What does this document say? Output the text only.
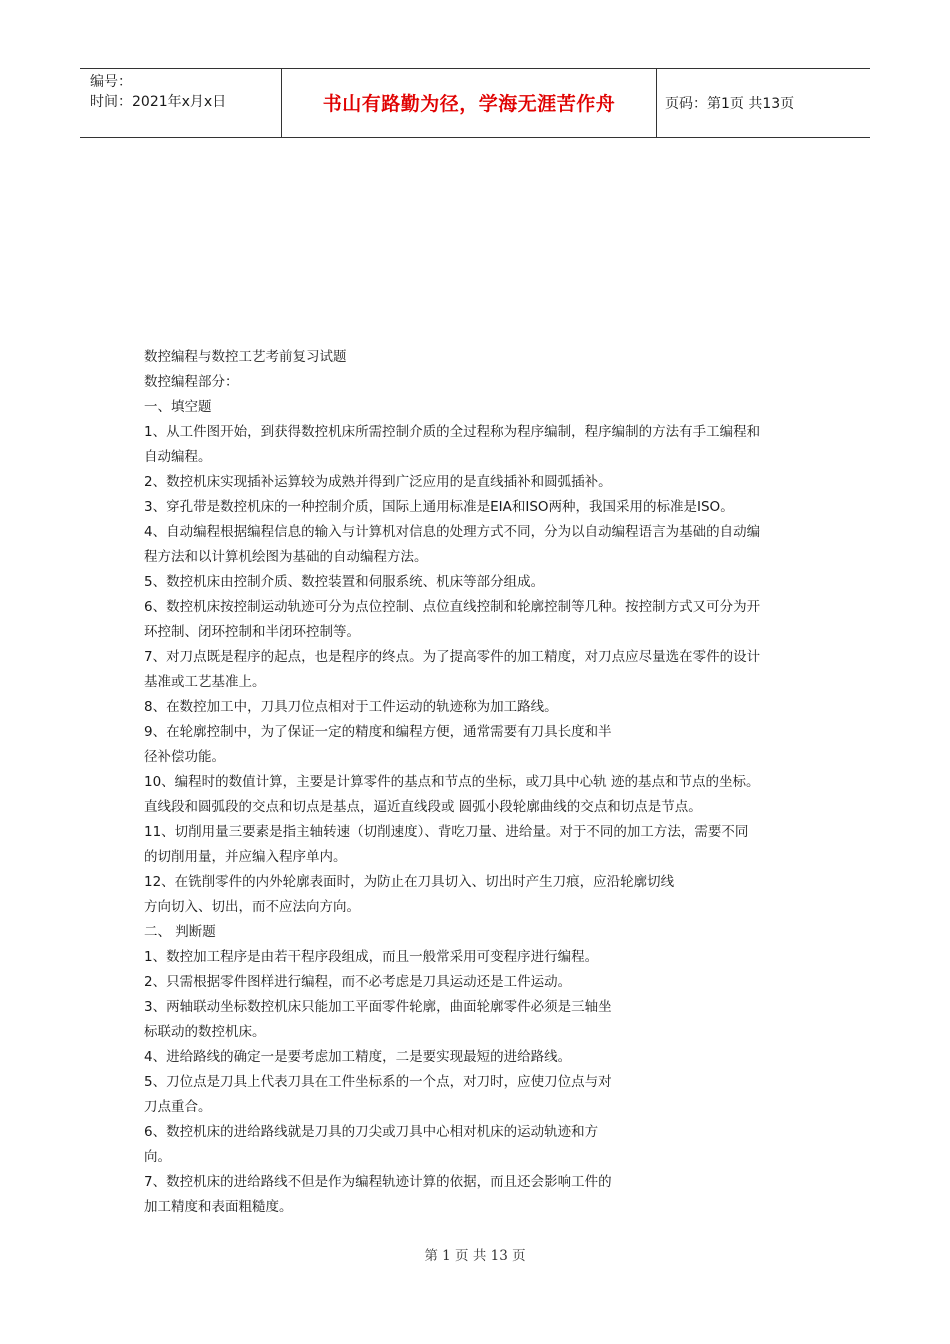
编号：
时间：2021年x月x日	书山有路勤为径，学海无涯苦作舟	页码：第1页 共13页
数控编程与数控工艺考前复习试题
数控编程部分：
一、填空题
1、从工件图开始，到获得数控机床所需控制介质的全过程称为程序编制，程序编制的方法有手工编程和
自动编程。
2、数控机床实现插补运算较为成熟并得到广泛应用的是直线插补和圆弧插补。
3、穿孔带是数控机床的一种控制介质，国际上通用标准是EIA和ISO两种，我国采用的标准是ISO。
4、自动编程根据编程信息的输入与计算机对信息的处理方式不同，分为以自动编程语言为基础的自动编
程方法和以计算机绘图为基础的自动编程方法。
5、数控机床由控制介质、数控装置和伺服系统、机床等部分组成。
6、数控机床按控制运动轨迹可分为点位控制、点位直线控制和轮廓控制等几种。按控制方式又可分为开
环控制、闭环控制和半闭环控制等。
7、对刀点既是程序的起点，也是程序的终点。为了提高零件的加工精度，对刀点应尽量选在零件的设计
基准或工艺基准上。
8、在数控加工中，刀具刀位点相对于工件运动的轨迹称为加工路线。
9、在轮廓控制中，为了保证一定的精度和编程方便，通常需要有刀具长度和半
径补偿功能。
10、编程时的数值计算，主要是计算零件的基点和节点的坐标，或刀具中心轨 迹的基点和节点的坐标。
直线段和圆弧段的交点和切点是基点，逼近直线段或 圆弧小段轮廓曲线的交点和切点是节点。
11、切削用量三要素是指主轴转速（切削速度）、背吃刀量、进给量。对于不同的加工方法，需要不同
的切削用量，并应编入程序单内。
12、在铣削零件的内外轮廓表面时，为防止在刀具切入、切出时产生刀痕，应沿轮廓切线
方向切入、切出，而不应法向方向。
二、 判断题
1、数控加工程序是由若干程序段组成，而且一般常采用可变程序进行编程。
2、只需根据零件图样进行编程，而不必考虑是刀具运动还是工件运动。
3、两轴联动坐标数控机床只能加工平面零件轮廓，曲面轮廓零件必须是三轴坐
标联动的数控机床。
4、进给路线的确定一是要考虑加工精度，二是要实现最短的进给路线。
5、刀位点是刀具上代表刀具在工件坐标系的一个点，对刀时，应使刀位点与对
刀点重合。
6、数控机床的进给路线就是刀具的刀尖或刀具中心相对机床的运动轨迹和方
向。
7、数控机床的进给路线不但是作为编程轨迹计算的依据，而且还会影响工件的
加工精度和表面粗糙度。
第 1 页 共 13 页
